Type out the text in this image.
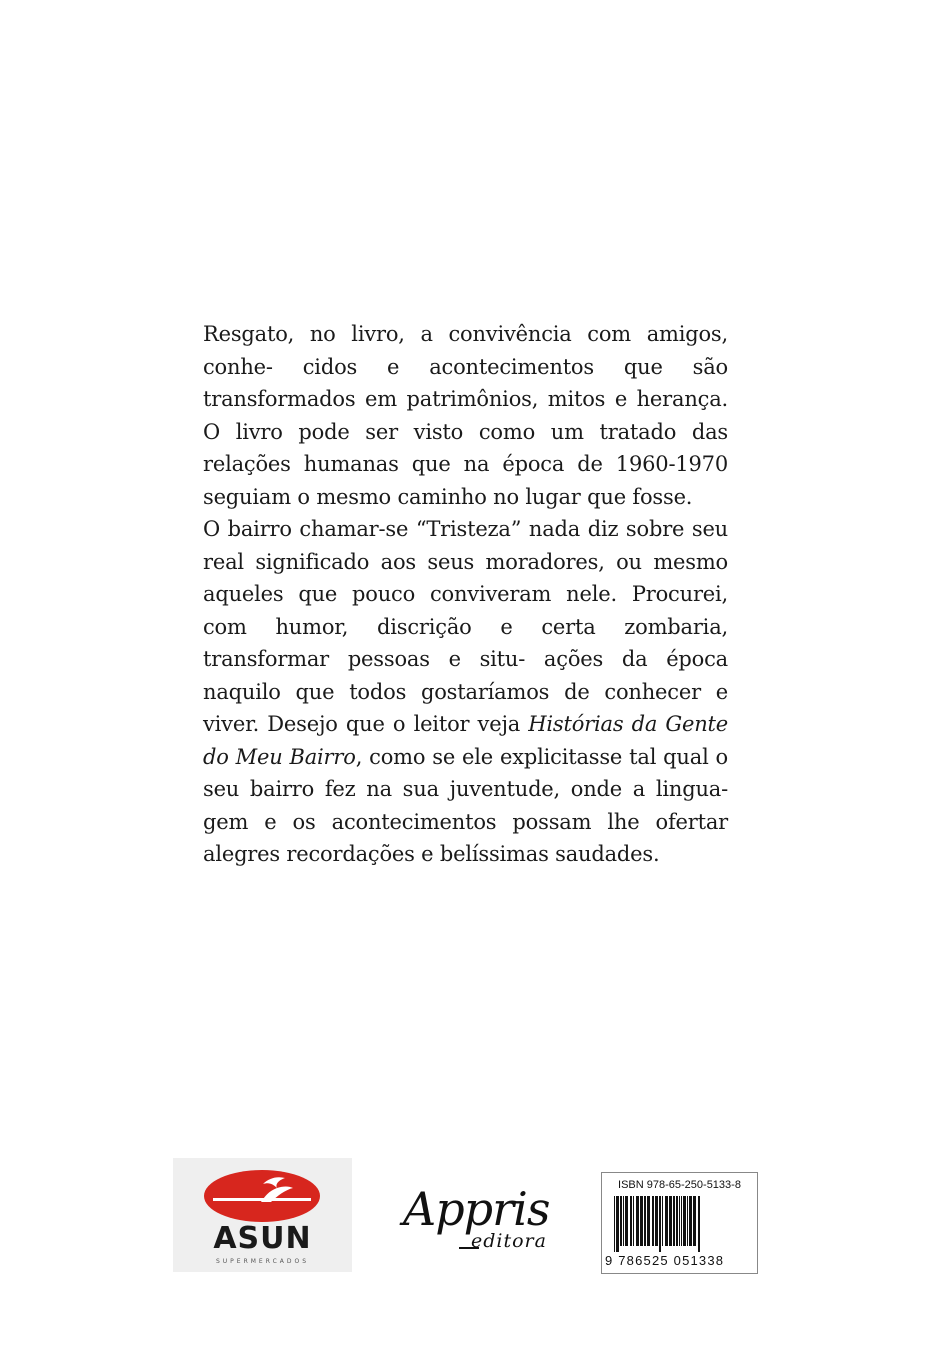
Resgato, no livro, a convivência com amigos, conhe- cidos e acontecimentos que são transformados em patrimônios, mitos e herança. O livro pode ser visto como um tratado das relações humanas que na época de 1960-1970 seguiam o mesmo caminho no lugar que fosse.

O bairro chamar-se “Tristeza” nada diz sobre seu real significado aos seus moradores, ou mesmo aqueles que pouco conviveram nele. Procurei, com humor, discrição e certa zombaria, transformar pessoas e situ- ações da época naquilo que todos gostaríamos de conhecer e viver. Desejo que o leitor veja Histórias da Gente do Meu Bairro, como se ele explicitasse tal qual o seu bairro fez na sua juventude, onde a lingua- gem e os acontecimentos possam lhe ofertar alegres recordações e belíssimas saudades.

ASUN
SUPERMERCADOS
Appris
editora
ISBN 978-65-250-5133-8
9 786525 051338
